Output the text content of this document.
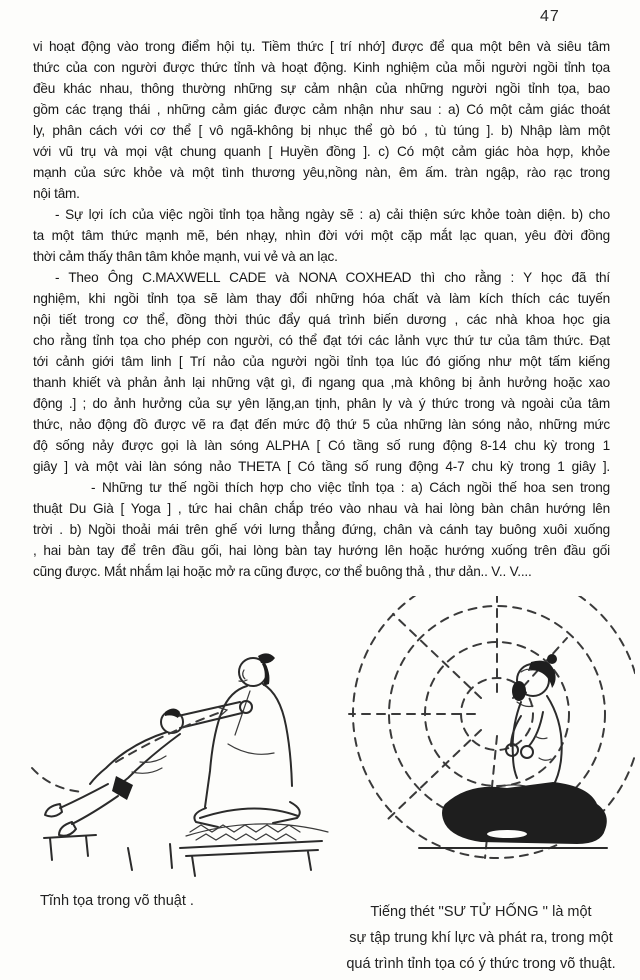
47
vi hoạt động vào trong điểm hội tụ. Tiềm thức [ trí nhớ] được để qua một bên và siêu tâm
thức của con người được thức tỉnh và hoạt động. Kinh nghiệm của mỗi người ngồi tỉnh tọa
đều khác nhau, thông thường những sự cảm nhận của những người ngồi tỉnh tọa, bao
gồm các trạng thái , những cảm giác được cảm nhận như sau : a) Có một cảm giác thoát
ly, phân cách với cơ thể [ vô ngã-không bị nhục thể gò bó , tù túng ]. b) Nhập làm một
với vũ trụ và mọi vật chung quanh [ Huyền đồng ]. c) Có một cảm giác hòa hợp, khỏe
mạnh của sức khỏe và một tình thương yêu,nồng nàn, êm ấm. tràn ngập, rào rạc trong
nội tâm.
- Sự lợi ích của việc ngồi tỉnh tọa hằng ngày sẽ : a) cải thiện sức khỏe toàn diện. b) cho
ta một tâm thức mạnh mẽ, bén nhạy, nhìn đời với một cặp mắt lạc quan, yêu đời đồng
thời cảm thấy thân tâm khỏe mạnh, vui vẻ và an lạc.
- Theo Ông C.MAXWELL CADE và NONA COXHEAD thì cho rằng : Y học đã thí
nghiệm, khi ngồi tỉnh tọa sẽ làm thay đổi những hóa chất và làm kích thích các tuyến
nội tiết trong cơ thể, đồng thời thúc đẩy quá trình biến dương , các nhà khoa học gia
cho rằng tỉnh tọa cho phép con người, có thể đạt tới các lảnh vực thứ tư của tâm thức. Đạt
tới cảnh giới tâm linh [ Trí nảo của người ngồi tỉnh tọa lúc đó giống như một tấm kiếng
thanh khiết và phản ảnh lại những vật gì, đi ngang qua ,mà không bị ảnh hưởng hoặc xao
động .] ; do ảnh hưởng của sự yên lặng,an tịnh, phân ly và ý thức trong và ngoài của tâm
thức, nảo động đồ được vẽ ra đạt đến mức độ thứ 5 của những làn sóng nảo, những mức
độ sống nảy được gọi là làn sóng ALPHA [ Có tầng số rung động 8-14 chu kỳ trong 1
giây ] và một vài làn sóng nảo THETA [ Có tầng số rung động 4-7 chu kỳ trong 1 giây ].
- Những tư thế ngồi thích hợp cho việc tỉnh tọa : a) Cách ngồi thế hoa sen trong
thuật Du Già [ Yoga ] , tức hai chân chắp tréo vào nhau và hai lòng bàn chân hướng lên
trời . b) Ngồi thoải mái trên ghế với lưng thẳng đứng, chân và cánh tay buông xuôi xuống
, hai bàn tay để trên đầu gối, hai lòng bàn tay hướng lên hoặc hướng xuống trên đầu gối
cũng được. Mắt nhắm lại hoặc mở ra cũng được, cơ thể buông thả , thư dản.. V.. V....
Tĩnh tọa trong võ thuật .
Tiếng thét ''SƯ TỬ HỐNG '' là một
sự tập trung khí lực và phát ra, trong một
quá trình tỉnh tọa có ý thức trong võ thuật.
